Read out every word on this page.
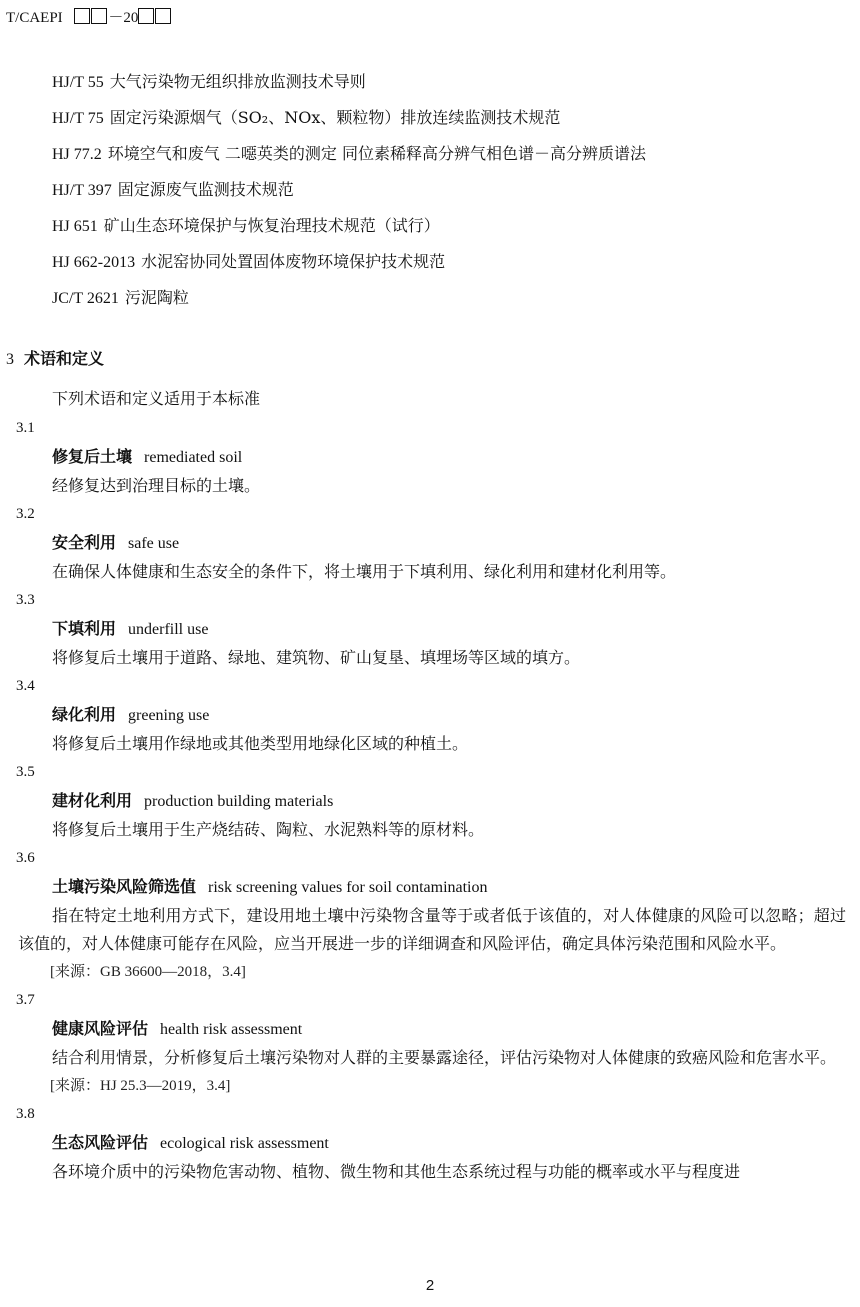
T/CAEPI	－20
HJ/T 55 大气污染物无组织排放监测技术导则
HJ/T 75 固定污染源烟气（SO₂、NOx、颗粒物）排放连续监测技术规范
HJ 77.2 环境空气和废气 二噁英类的测定 同位素稀释高分辨气相色谱－高分辨质谱法
HJ/T 397 固定源废气监测技术规范
HJ 651 矿山生态环境保护与恢复治理技术规范（试行）
HJ 662-2013 水泥窑协同处置固体废物环境保护技术规范
JC/T 2621 污泥陶粒
3 术语和定义
下列术语和定义适用于本标准
3.1
修复后土壤 remediated soil
经修复达到治理目标的土壤。
3.2
安全利用 safe use
在确保人体健康和生态安全的条件下，将土壤用于下填利用、绿化利用和建材化利用等。
3.3
下填利用 underfill use
将修复后土壤用于道路、绿地、建筑物、矿山复垦、填埋场等区域的填方。
3.4
绿化利用 greening use
将修复后土壤用作绿地或其他类型用地绿化区域的种植土。
3.5
建材化利用 production building materials
将修复后土壤用于生产烧结砖、陶粒、水泥熟料等的原材料。
3.6
土壤污染风险筛选值 risk screening values for soil contamination
指在特定土地利用方式下，建设用地土壤中污染物含量等于或者低于该值的，对人体健康的风险可以忽略；超过该值的，对人体健康可能存在风险，应当开展进一步的详细调查和风险评估，确定具体污染范围和风险水平。
[来源：GB 36600—2018，3.4]
3.7
健康风险评估 health risk assessment
结合利用情景，分析修复后土壤污染物对人群的主要暴露途径，评估污染物对人体健康的致癌风险和危害水平。
[来源：HJ 25.3—2019，3.4]
3.8
生态风险评估 ecological risk assessment
各环境介质中的污染物危害动物、植物、微生物和其他生态系统过程与功能的概率或水平与程度进
2
